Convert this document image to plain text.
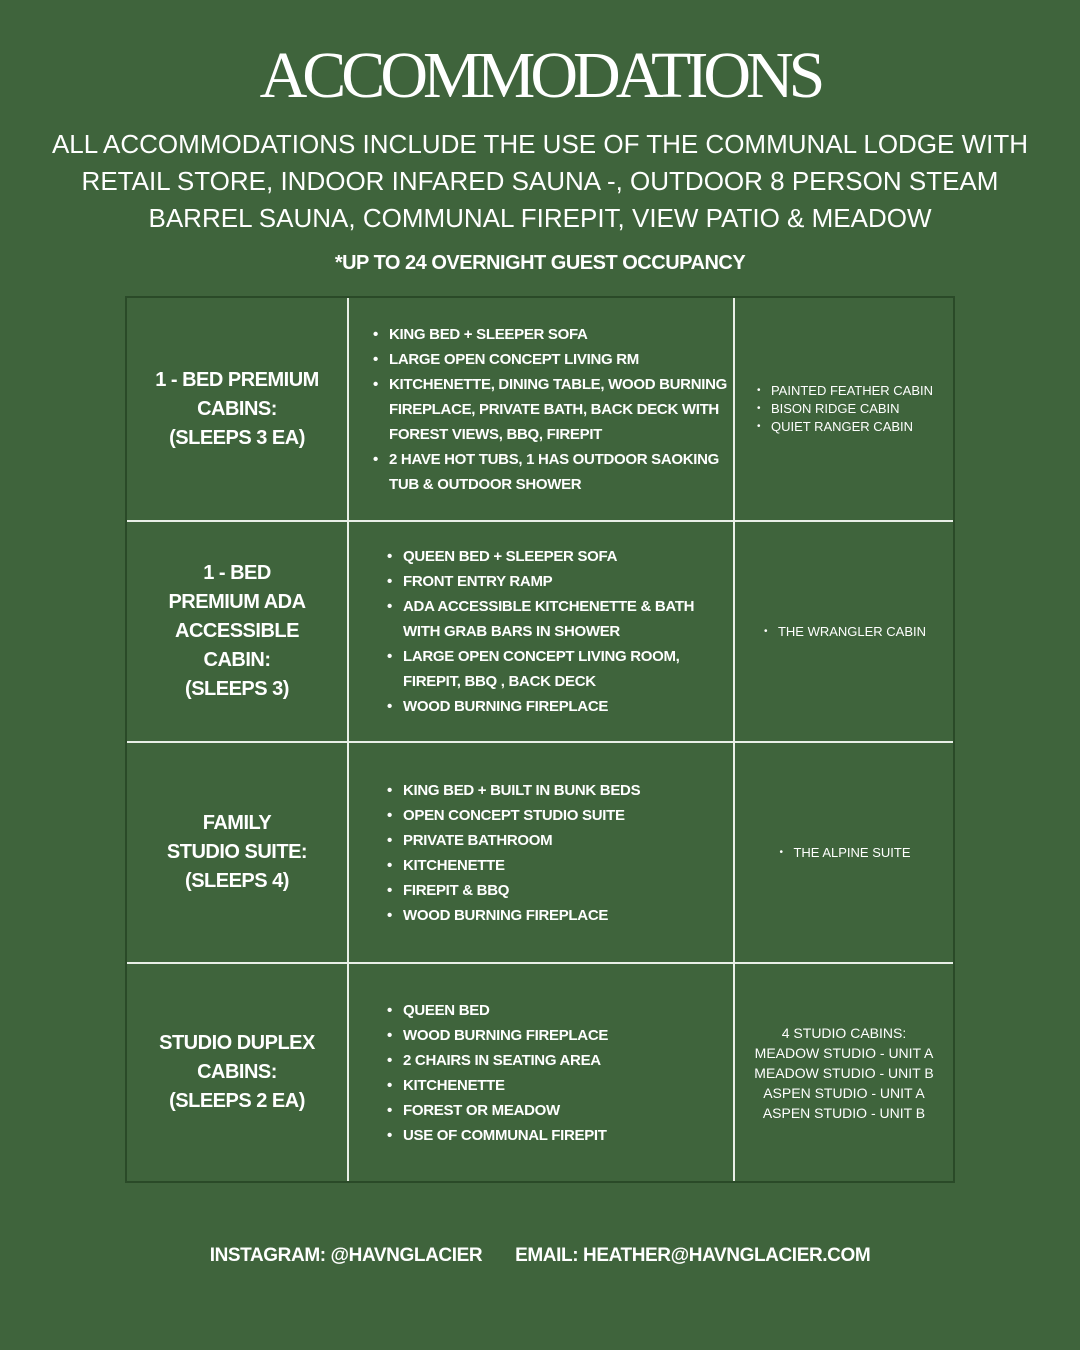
ACCOMMODATIONS

ALL ACCOMMODATIONS INCLUDE THE USE OF THE COMMUNAL LODGE WITH RETAIL STORE, INDOOR INFARED SAUNA -, OUTDOOR 8 PERSON STEAM BARREL SAUNA, COMMUNAL FIREPIT, VIEW PATIO & MEADOW

*UP TO 24 OVERNIGHT GUEST OCCUPANCY

1 - BED PREMIUM
CABINS:
(SLEEPS 3 EA)
• KING BED + SLEEPER SOFA
• LARGE OPEN CONCEPT LIVING RM
• KITCHENETTE, DINING TABLE, WOOD BURNING FIREPLACE, PRIVATE BATH, BACK DECK WITH FOREST VIEWS, BBQ, FIREPIT
• 2 HAVE HOT TUBS, 1 HAS OUTDOOR SAOKING TUB & OUTDOOR SHOWER
• PAINTED FEATHER CABIN
• BISON RIDGE CABIN
• QUIET RANGER CABIN
1 - BED
PREMIUM ADA
ACCESSIBLE
CABIN:
(SLEEPS 3)
• QUEEN BED + SLEEPER SOFA
• FRONT ENTRY RAMP
• ADA ACCESSIBLE KITCHENETTE & BATH WITH GRAB BARS IN SHOWER
• LARGE OPEN CONCEPT LIVING ROOM, FIREPIT, BBQ , BACK DECK
• WOOD BURNING FIREPLACE
• THE WRANGLER CABIN
FAMILY
STUDIO SUITE:
(SLEEPS 4)
• KING BED + BUILT IN BUNK BEDS
• OPEN CONCEPT STUDIO SUITE
• PRIVATE BATHROOM
• KITCHENETTE
• FIREPIT & BBQ
• WOOD BURNING FIREPLACE
• THE ALPINE SUITE
STUDIO DUPLEX
CABINS:
(SLEEPS 2 EA)
• QUEEN BED
• WOOD BURNING FIREPLACE
• 2 CHAIRS IN SEATING AREA
• KITCHENETTE
• FOREST OR MEADOW
• USE OF COMMUNAL FIREPIT
4 STUDIO CABINS:
MEADOW STUDIO - UNIT A
MEADOW STUDIO - UNIT B
ASPEN STUDIO - UNIT A
ASPEN STUDIO - UNIT B
INSTAGRAM: @HAVNGLACIER EMAIL: HEATHER@HAVNGLACIER.COM
